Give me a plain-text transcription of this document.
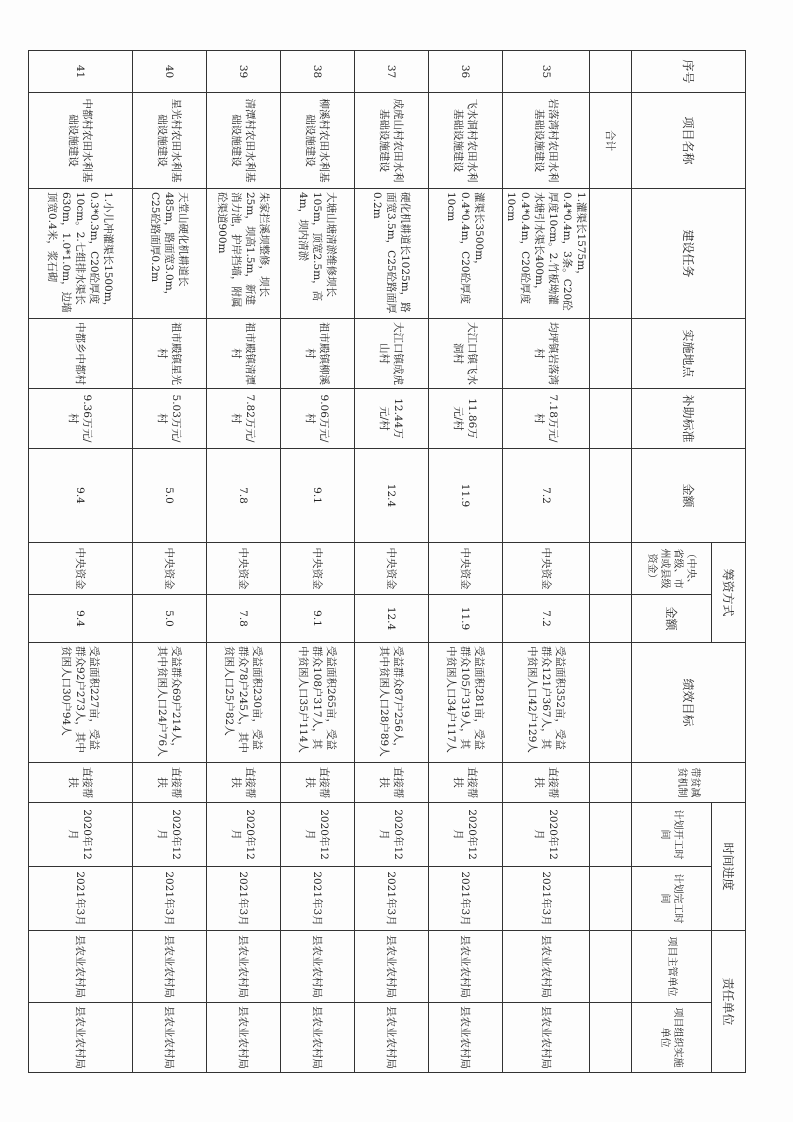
序号	项目名称	建设任务	实施地点	补助标准	金额	筹资方式		绩效目标	带贫减贫机制	时间进度		责任单位	
						（中央、省级、市州或县级资金）	金额			计划开工时间	计划完工时间	项目主管单位	项目组织实施单位
	合计												
35	岩落湾村农田水利基础设施建设	1.灌渠长1575m，0.4*0.4m，3条。C20砼厚度10cm。2.竹板坳灌水塘引水渠长400m，0.4*0.4m，C20砼厚度10cm	均坪镇岩落湾村	7.18万元/村	7.2	中央资金	7.2	受益面积352亩，受益群众121户367人，其中贫困人口42户129人	直接帮扶	2020年12月	2021年3月	县农业农村局	县农业农村局
36	飞水洞村农田水利基础设施建设	灌渠长3500m，0.4*0.4m，C20砼厚度10cm	大江口镇飞水洞村	11.86万元/村	11.9	中央资金	11.9	受益面积281亩，受益群众105户319人，其中贫困人口34户117人	直接帮扶	2020年12月	2021年3月	县农业农村局	县农业农村局
37	成虎山村农田水利基础设施建设	硬化机耕道长1025m，路面宽3.5m，C25砼路面厚0.2m	大江口镇成虎山村	12.44万元/村	12.4	中央资金	12.4	受益群众87户256人，其中贫困人口28户89人	直接帮扶	2020年12月	2021年3月	县农业农村局	县农业农村局
38	柳溪村农田水利基础设施建设	大塘山塘清淤维修坝长105m，顶宽2.5m，高4m，坝内清淤	祖市殿镇柳溪村	9.06万元/村	9.1	中央资金	9.1	受益面积265亩，受益群众108户317人，其中贫困人口35户114人	直接帮扶	2020年12月	2021年3月	县农业农村局	县农业农村局
39	清潭村农田水利基础设施建设	朱家拦溪坝整修，坝长25m，坝高1.5m，新建消力池，护岸挡墙，附属砼渠道900m	祖市殿镇清潭村	7.82万元/村	7.8	中央资金	7.8	受益面积230亩，受益群众78户245人，其中贫困人口25户82人	直接帮扶	2020年12月	2021年3月	县农业农村局	县农业农村局
40	星光村农田水利基础设施建设	天堂山硬化机耕道长485m，路面宽3.0m，C25砼路面厚0.2m	祖市殿镇星光村	5.03万元/村	5.0	中央资金	5.0	受益群众69户214人，其中贫困人口24户76人	直接帮扶	2020年12月	2021年3月	县农业农村局	县农业农村局
41	中都村农田水利基础设施建设	1.小儿冲灌渠长1500m，0.3*0.3m，C20砼厚度10cm。2.七组排水渠长630m，1.0*1.0m，边墙顶宽0.4米，浆石砌	中都乡中都村	9.36万元/村	9.4	中央资金	9.4	受益面积227亩，受益群众92户273人，其中贫困人口30户94人	直接帮扶	2020年12月	2021年3月	县农业农村局	县农业农村局
